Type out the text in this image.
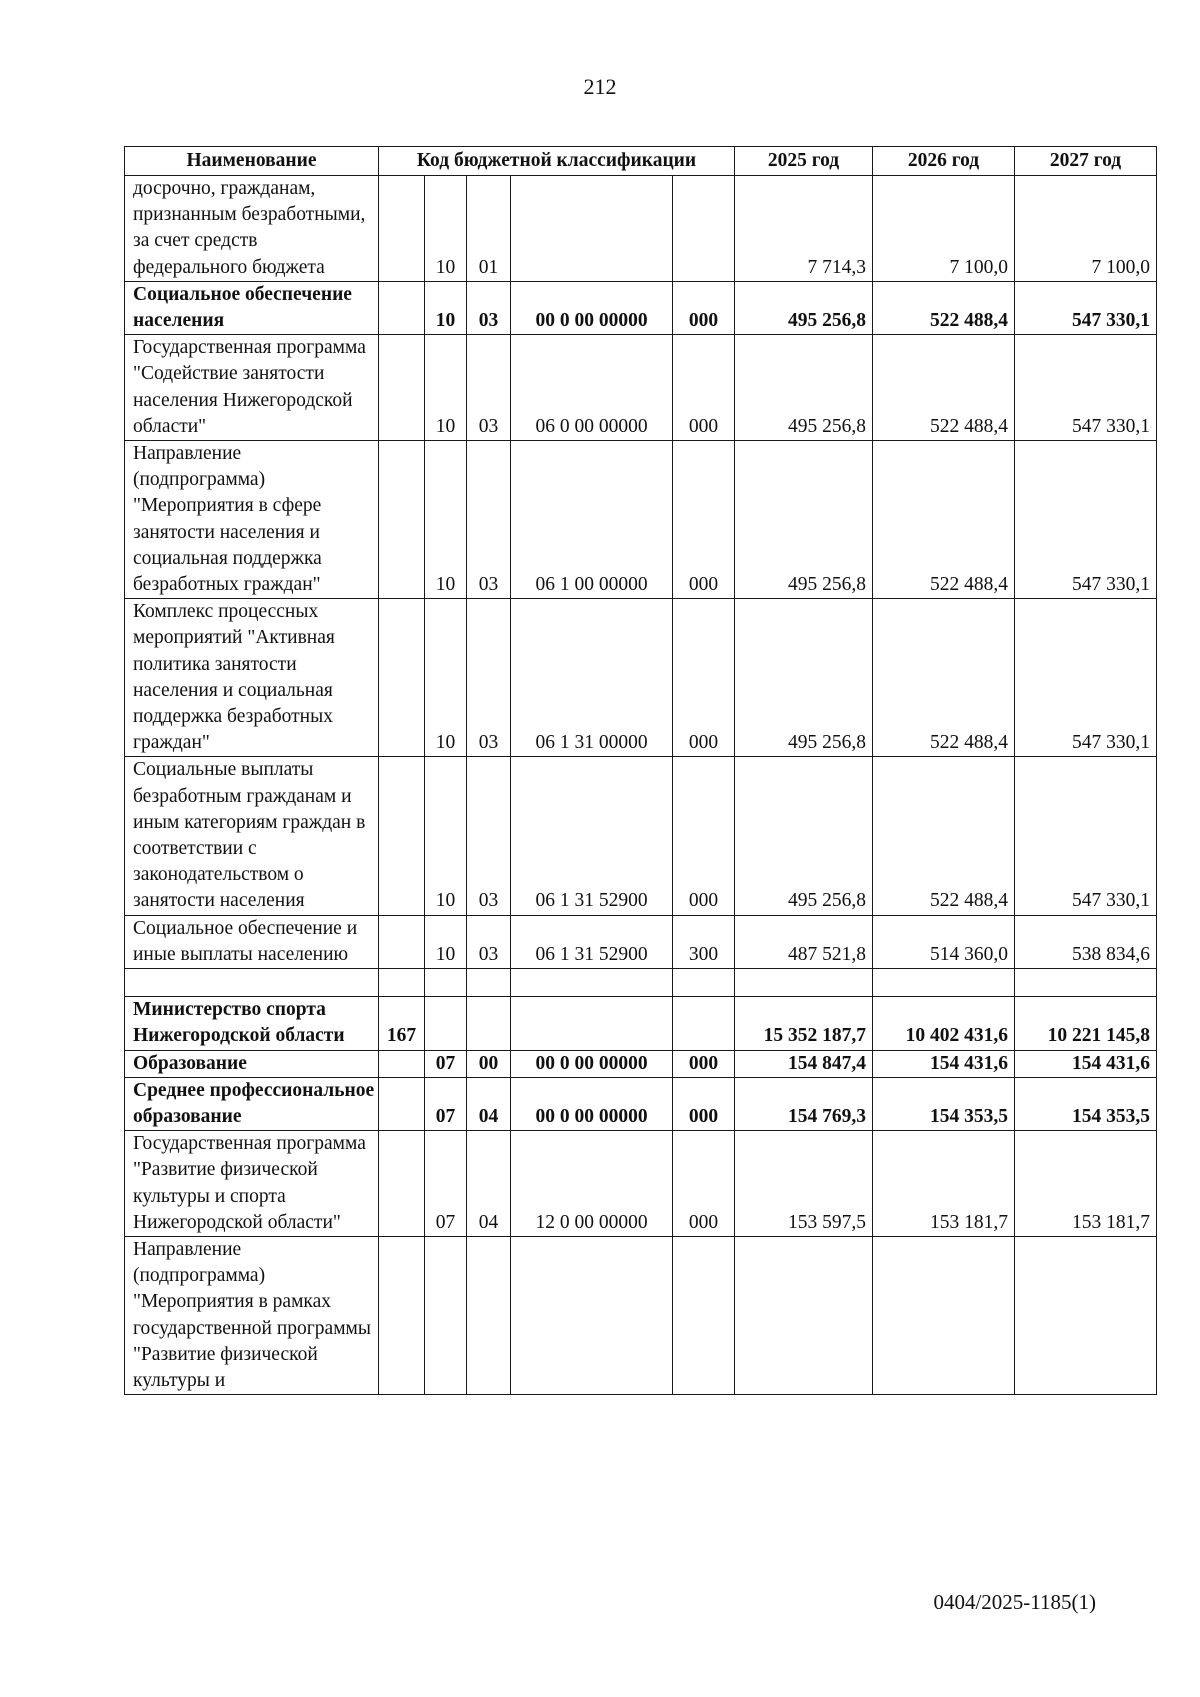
212
Наименование	Код бюджетной классификации					2025 год	2026 год	2027 год
досрочно, гражданам, признанным безработными, за счет средств федерального бюджета		10	01			7 714,3	7 100,0	7 100,0
Социальное обеспечение населения		10	03	00 0 00 00000	000	495 256,8	522 488,4	547 330,1
Государственная программа "Содействие занятости населения Нижегородской области"		10	03	06 0 00 00000	000	495 256,8	522 488,4	547 330,1
Направление (подпрограмма) "Мероприятия в сфере занятости населения и социальная поддержка безработных граждан"		10	03	06 1 00 00000	000	495 256,8	522 488,4	547 330,1
Комплекс процессных мероприятий "Активная политика занятости населения и социальная поддержка безработных граждан"		10	03	06 1 31 00000	000	495 256,8	522 488,4	547 330,1
Социальные выплаты безработным гражданам и иным категориям граждан в соответствии с законодательством о занятости населения		10	03	06 1 31 52900	000	495 256,8	522 488,4	547 330,1
Социальное обеспечение и иные выплаты населению		10	03	06 1 31 52900	300	487 521,8	514 360,0	538 834,6

Министерство спорта Нижегородской области	167					15 352 187,7	10 402 431,6	10 221 145,8
Образование		07	00	00 0 00 00000	000	154 847,4	154 431,6	154 431,6
Среднее профессиональное образование		07	04	00 0 00 00000	000	154 769,3	154 353,5	154 353,5
Государственная программа "Развитие физической культуры и спорта Нижегородской области"		07	04	12 0 00 00000	000	153 597,5	153 181,7	153 181,7
Направление (подпрограмма) "Мероприятия в рамках государственной программы "Развитие физической культуры и								
0404/2025-1185(1)
